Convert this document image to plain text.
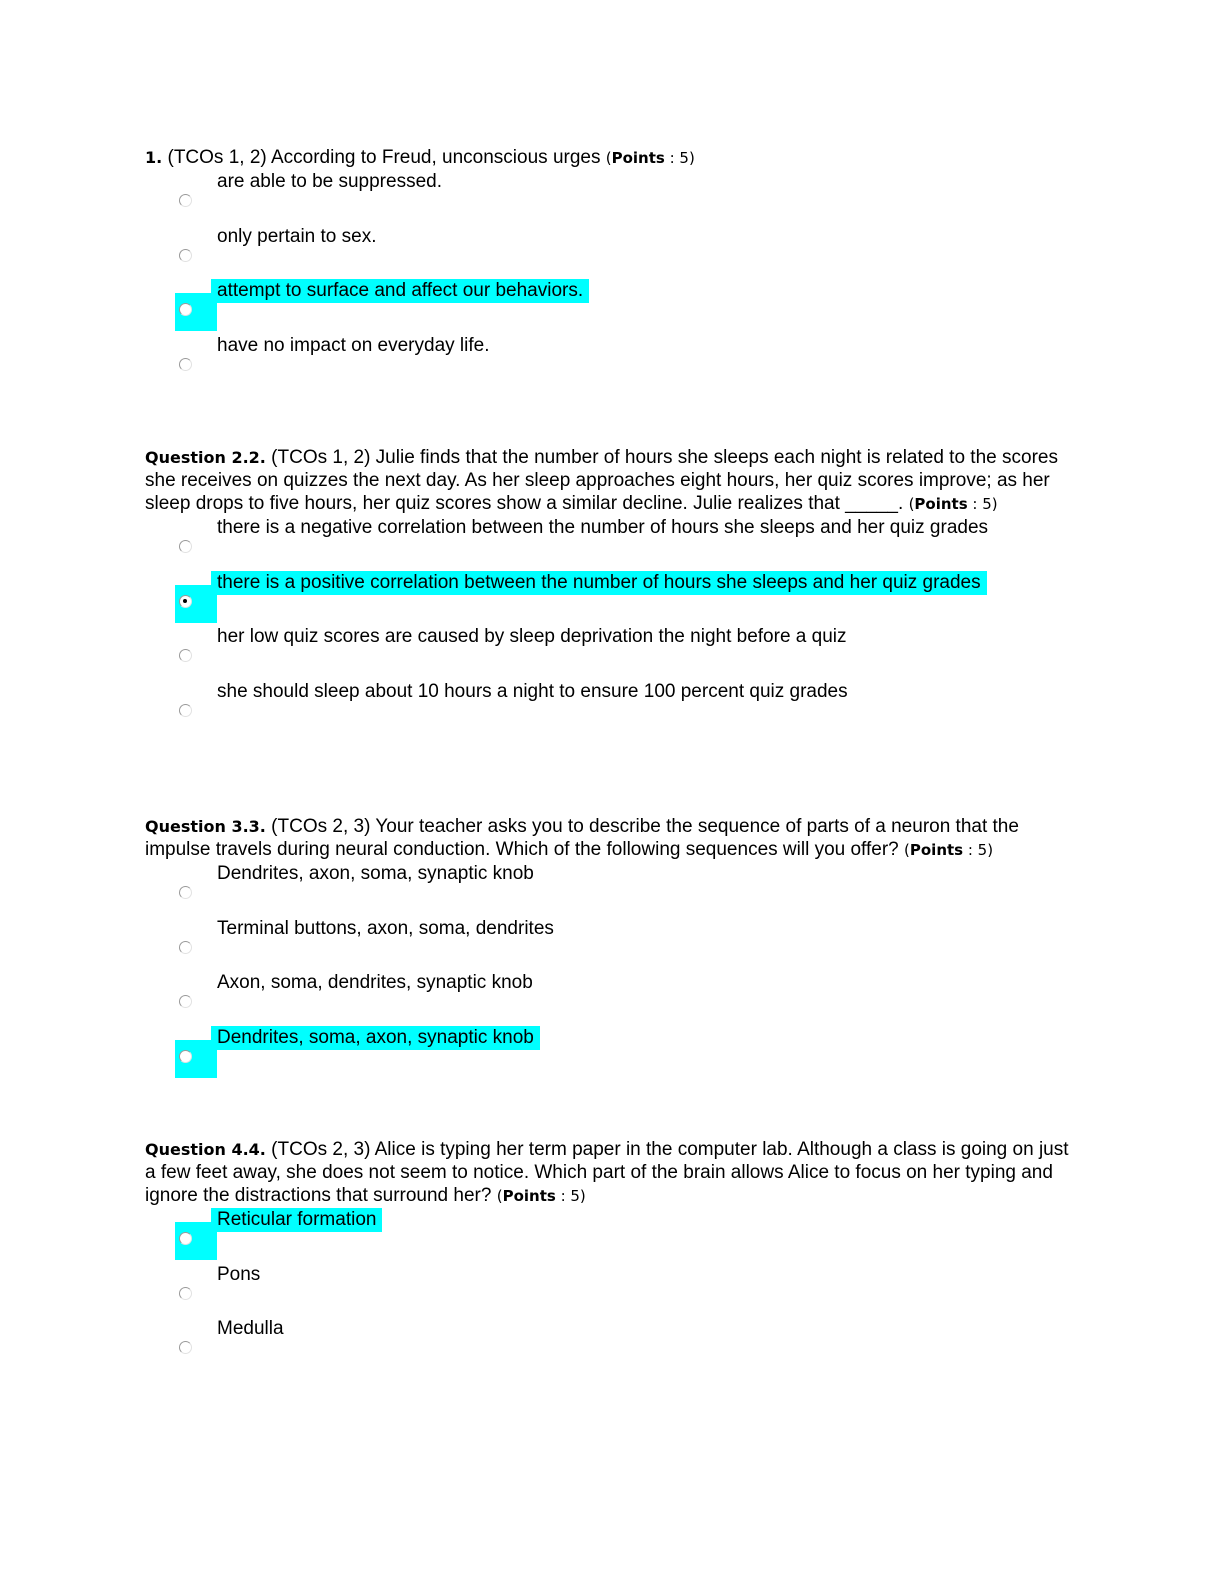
1. (TCOs 1, 2) According to Freud, unconscious urges (Points : 5)

are able to be suppressed.
only pertain to sex.
attempt to surface and affect our behaviors.
have no impact on everyday life.

Question 2.2. (TCOs 1, 2) Julie finds that the number of hours she sleeps each night is related to the scores she receives on quizzes the next day. As her sleep approaches eight hours, her quiz scores improve; as her sleep drops to five hours, her quiz scores show a similar decline. Julie realizes that _____. (Points : 5)

there is a negative correlation between the number of hours she sleeps and her quiz grades
there is a positive correlation between the number of hours she sleeps and her quiz grades
her low quiz scores are caused by sleep deprivation the night before a quiz
she should sleep about 10 hours a night to ensure 100 percent quiz grades

Question 3.3. (TCOs 2, 3) Your teacher asks you to describe the sequence of parts of a neuron that the impulse travels during neural conduction. Which of the following sequences will you offer? (Points : 5)

Dendrites, axon, soma, synaptic knob
Terminal buttons, axon, soma, dendrites
Axon, soma, dendrites, synaptic knob
Dendrites, soma, axon, synaptic knob

Question 4.4. (TCOs 2, 3) Alice is typing her term paper in the computer lab. Although a class is going on just a few feet away, she does not seem to notice. Which part of the brain allows Alice to focus on her typing and ignore the distractions that surround her? (Points : 5)

Reticular formation
Pons
Medulla
